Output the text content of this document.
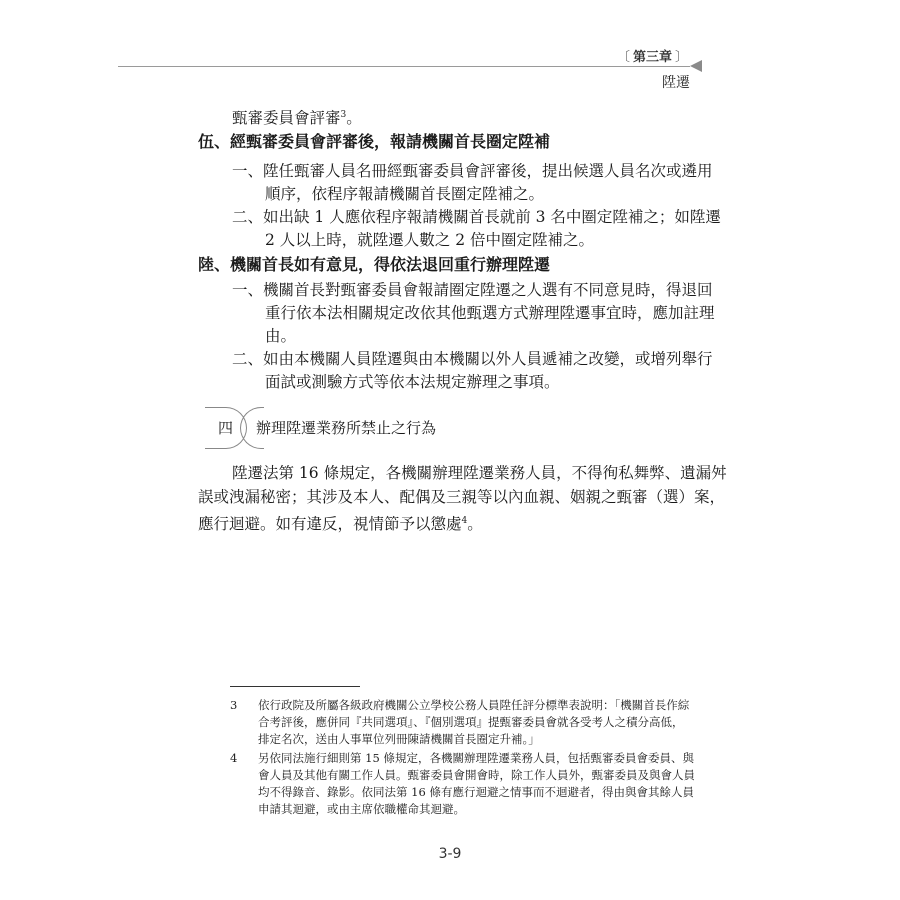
〔 第三章 〕
陞遷
甄審委員會評審$^3$。
伍、經甄審委員會評審後，報請機關首長圈定陞補
一、陞任甄審人員名冊經甄審委員會評審後，提出候選人員名次或遴用
順序，依程序報請機關首長圈定陞補之。
二、如出缺 1 人應依程序報請機關首長就前 3 名中圈定陞補之；如陞遷
2 人以上時，就陞遷人數之 2 倍中圈定陞補之。
陸、機關首長如有意見，得依法退回重行辦理陞遷
一、機關首長對甄審委員會報請圈定陞遷之人選有不同意見時，得退回
重行依本法相關規定改依其他甄選方式辦理陞遷事宜時，應加註理
由。
二、如由本機關人員陞遷與由本機關以外人員遞補之改變，或增列舉行
面試或測驗方式等依本法規定辦理之事項。
四 辦理陞遷業務所禁止之行為
陞遷法第 16 條規定，各機關辦理陞遷業務人員，不得徇私舞弊、遺漏舛
誤或洩漏秘密；其涉及本人、配偶及三親等以內血親、姻親之甄審（選）案，
應行迴避。如有違反，視情節予以懲處$^4$。
3 依行政院及所屬各級政府機關公立學校公務人員陞任評分標準表說明：「機關首長作綜
合考評後，應併同『共同選項』、『個別選項』提甄審委員會就各受考人之積分高低，
排定名次，送由人事單位列冊陳請機關首長圈定升補。」
4 另依同法施行細則第 15 條規定，各機關辦理陞遷業務人員，包括甄審委員會委員、與
會人員及其他有關工作人員。甄審委員會開會時，除工作人員外，甄審委員及與會人員
均不得錄音、錄影。依同法第 16 條有應行迴避之情事而不迴避者，得由與會其餘人員
申請其迴避，或由主席依職權命其迴避。
3-9
